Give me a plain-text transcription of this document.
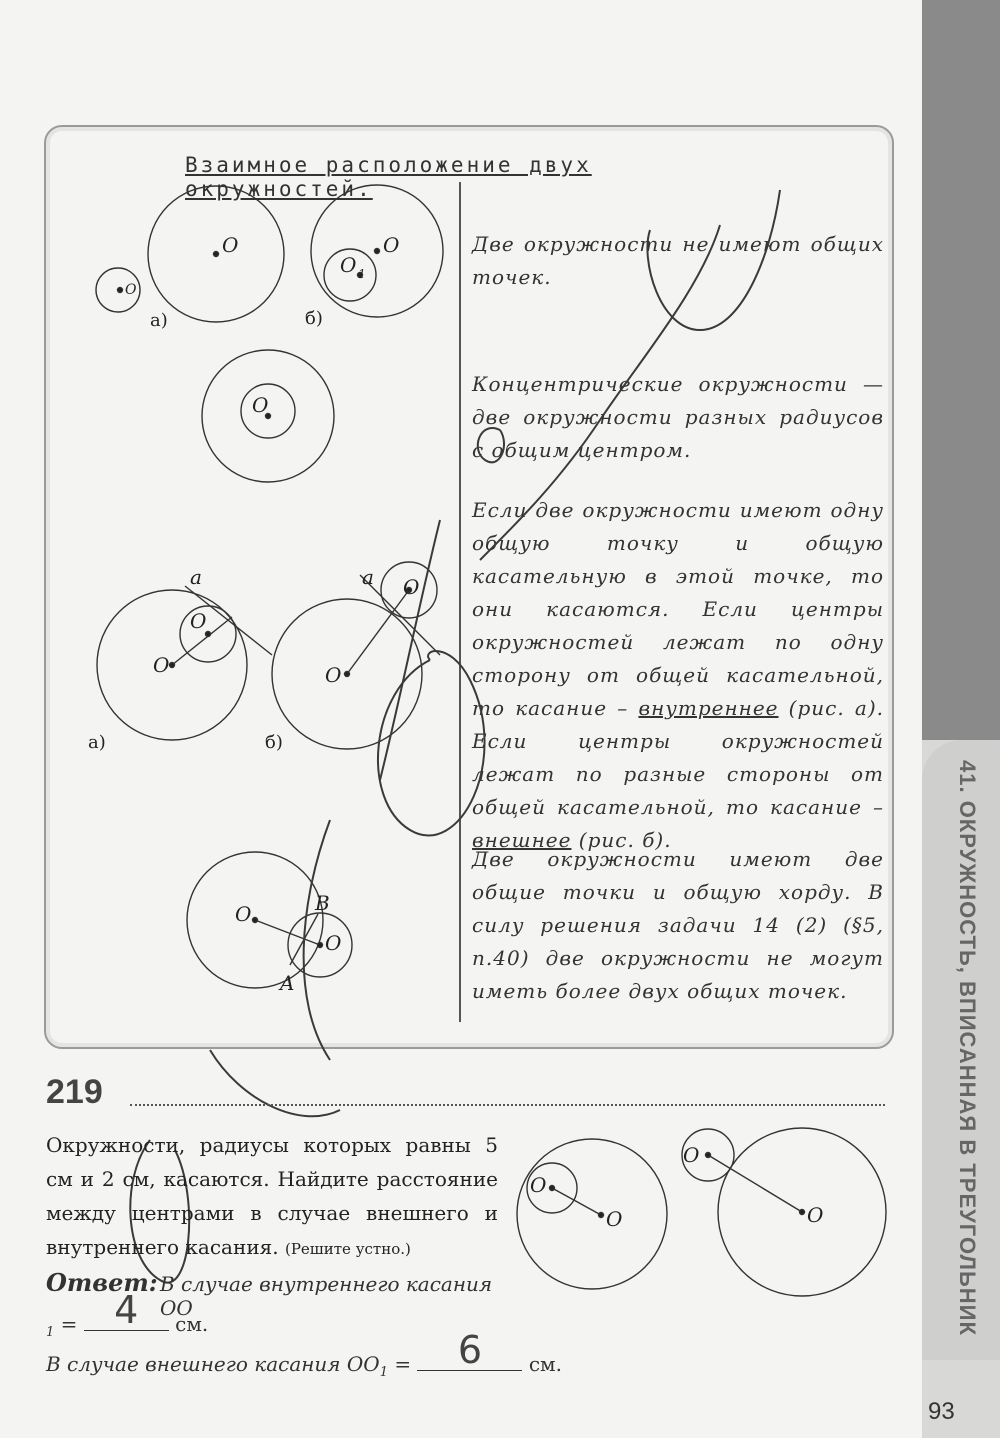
41. ОКРУЖНОСТЬ, ВПИСАННАЯ В ТРЕУГОЛЬНИК
93
Взаимное расположение двух окружностей.
Две окружности не имеют общих точек.
Концентрические окружности — две окружности разных радиусов с общим центром.
Если две окружности имеют одну общую точку и общую касательную в этой точке, то они касаются. Если центры окружностей лежат по одну сторону от общей касательной, то касание – внутреннее (рис. а). Если центры окружностей лежат по разные стороны от общей касательной, то касание – внешнее (рис. б).
Две окружности имеют две общие точки и общую хорду. В силу решения задачи 14 (2) (§5, п.40) две окружности не могут иметь более двух общих точек.
O
O
а)
O
O 1
б)
O
a
O
O
а)
a
O
O
б)
O
O
B
A
O
O
O
O
219
Окружности, радиусы которых равны 5 см и 2 см, касаются. Найдите расстояние между центрами в случае внешнего и внутреннего касания. (Решите устно.)
Ответ: В случае внутреннего касания OO
$_1$ = 4	см.
В случае внешнего касания $OO_1$ =	6	см.
